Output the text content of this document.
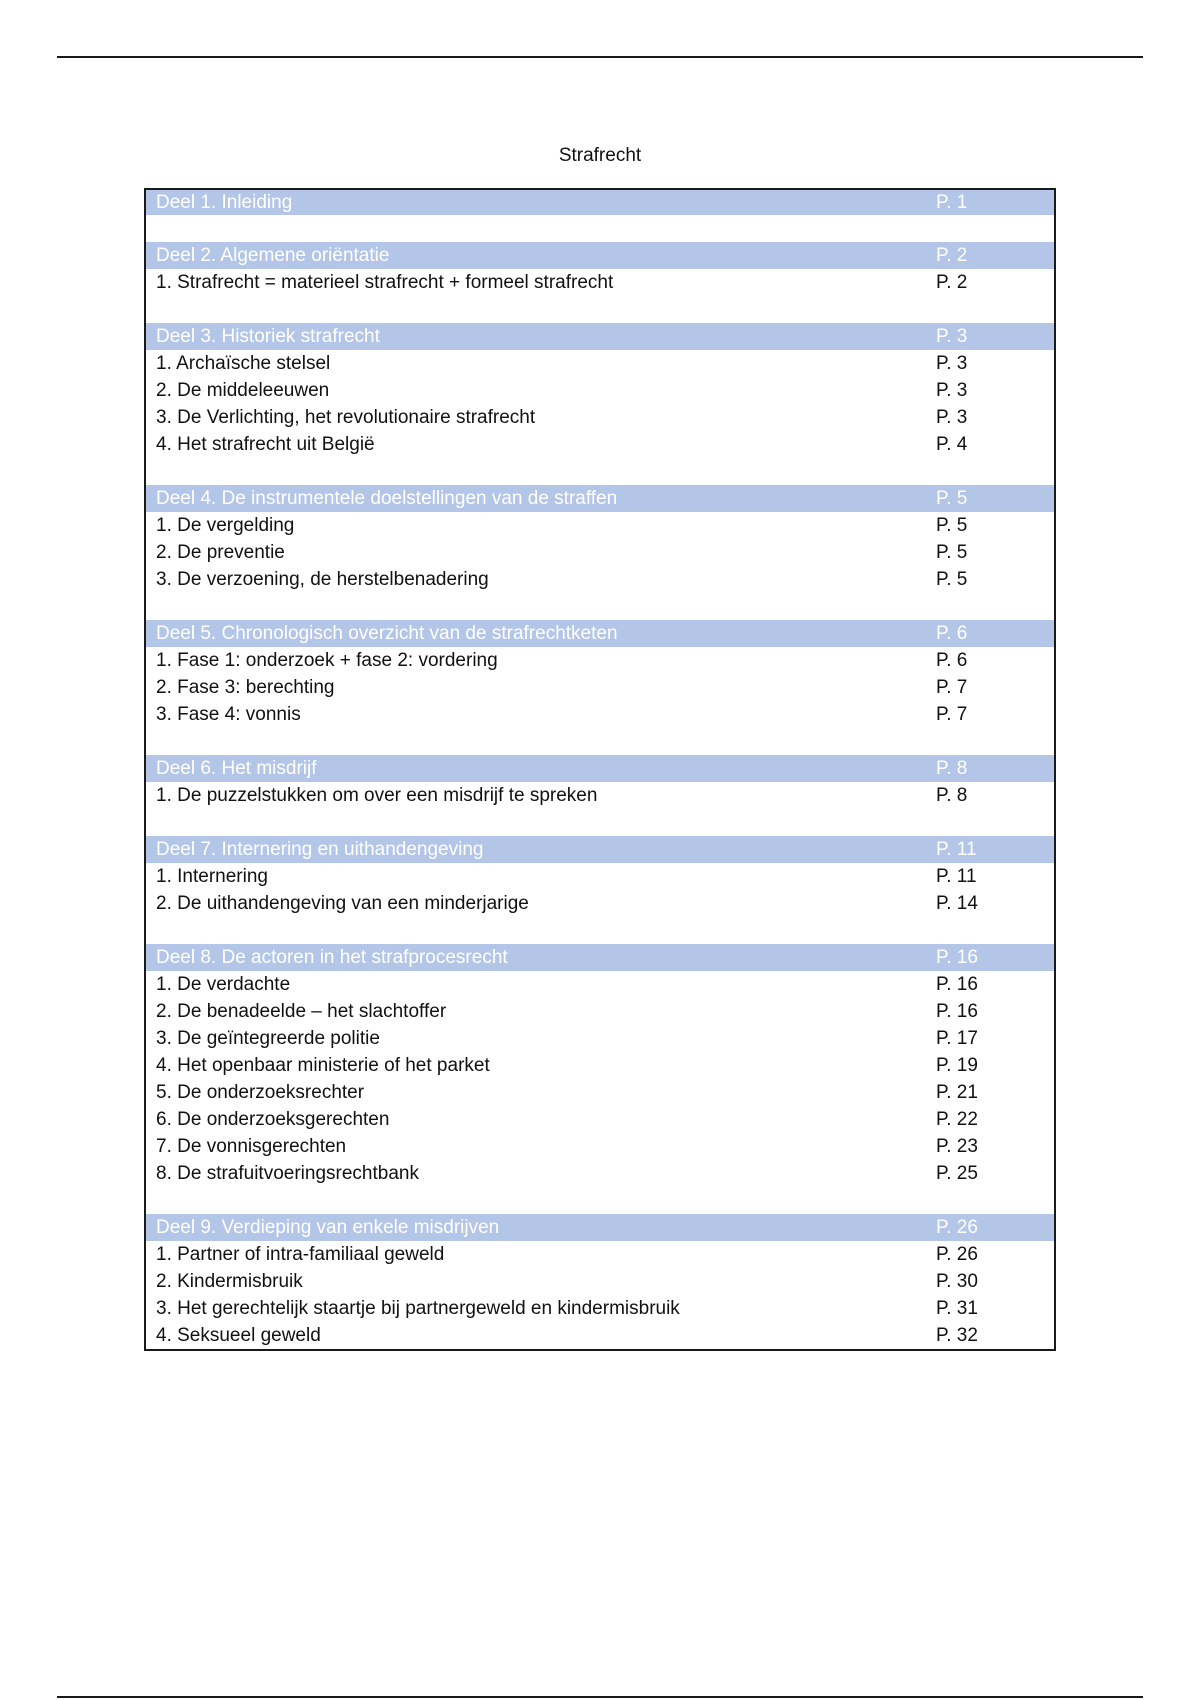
Strafrecht
Deel 1. Inleiding	P. 1
Deel 2. Algemene oriëntatie	P. 2
1. Strafrecht = materieel strafrecht + formeel strafrecht	P. 2
Deel 3. Historiek strafrecht	P. 3
1. Archaïsche stelsel	P. 3
2. De middeleeuwen	P. 3
3. De Verlichting, het revolutionaire strafrecht	P. 3
4. Het strafrecht uit België	P. 4
Deel 4. De instrumentele doelstellingen van de straffen	P. 5
1. De vergelding	P. 5
2. De preventie	P. 5
3. De verzoening, de herstelbenadering	P. 5
Deel 5. Chronologisch overzicht van de strafrechtketen	P. 6
1. Fase 1: onderzoek + fase 2: vordering	P. 6
2. Fase 3: berechting	P. 7
3. Fase 4: vonnis	P. 7
Deel 6. Het misdrijf	P. 8
1. De puzzelstukken om over een misdrijf te spreken	P. 8
Deel 7. Internering en uithandengeving	P. 11
1. Internering	P. 11
2. De uithandengeving van een minderjarige	P. 14
Deel 8. De actoren in het strafprocesrecht	P. 16
1. De verdachte	P. 16
2. De benadeelde – het slachtoffer	P. 16
3. De geïntegreerde politie	P. 17
4. Het openbaar ministerie of het parket	P. 19
5. De onderzoeksrechter	P. 21
6. De onderzoeksgerechten	P. 22
7. De vonnisgerechten	P. 23
8. De strafuitvoeringsrechtbank	P. 25
Deel 9. Verdieping van enkele misdrijven	P. 26
1. Partner of intra-familiaal geweld	P. 26
2. Kindermisbruik	P. 30
3. Het gerechtelijk staartje bij partnergeweld en kindermisbruik	P. 31
4. Seksueel geweld	P. 32
